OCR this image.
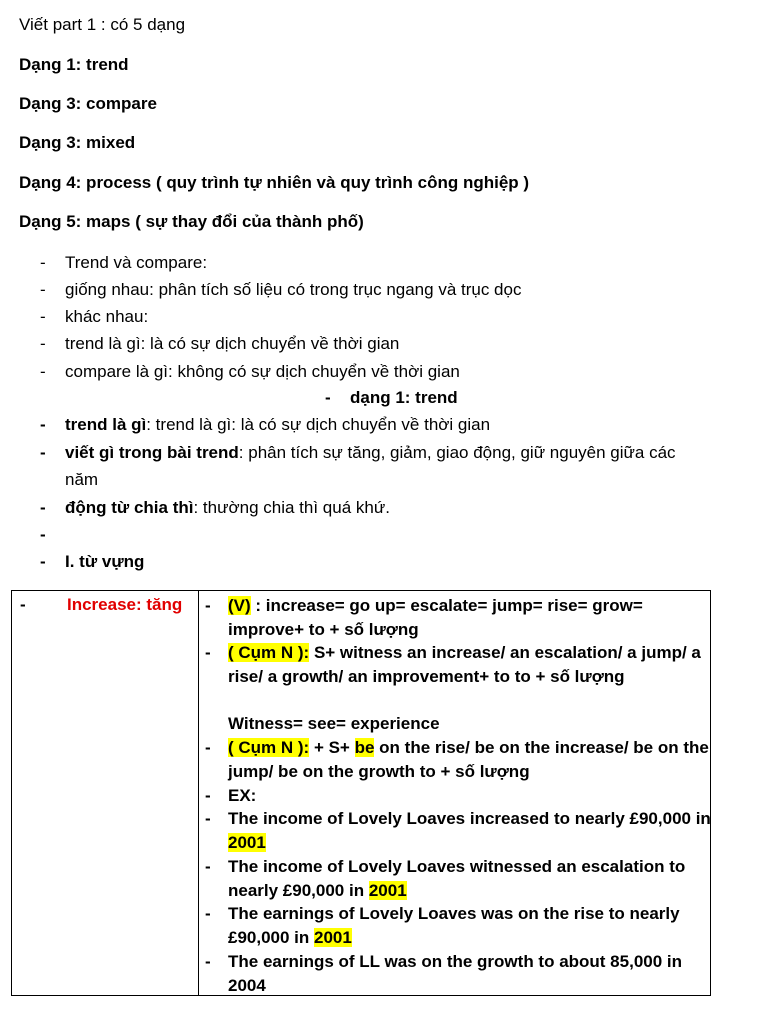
Viết part 1 : có 5 dạng
Dạng 1: trend
Dạng 3: compare
Dạng 3: mixed
Dạng 4: process ( quy trình tự nhiên và quy trình công nghiệp )
Dạng 5: maps ( sự thay đổi của thành phố)
-	Trend và compare:
-	giống nhau: phân tích số liệu có trong trục ngang và trục dọc
-	khác nhau:
-	trend là gì: là có sự dịch chuyển về thời gian
-	compare là gì: không có sự dịch chuyển về thời gian
- dạng 1: trend
-	trend là gì: trend là gì: là có sự dịch chuyển về thời gian
-	viết gì trong bài trend: phân tích sự tăng, giảm, giao động, giữ nguyên giữa các
năm
-	động từ chia thì: thường chia thì quá khứ.
-
-	I. từ vựng
- Increase: tăng	- (V) : increase= go up= escalate= jump= rise= grow= improve+ to + số lượng
- ( Cụm N ): S+ witness an increase/ an escalation/ a jump/ a rise/ a growth/ an improvement+ to to + số lượng
Witness= see= experience
- ( Cụm N ): + S+ be on the rise/ be on the increase/ be on the jump/ be on the growth to + số lượng
- EX:
- The income of Lovely Loaves increased to nearly £90,000 in 2001
- The income of Lovely Loaves witnessed an escalation to nearly £90,000 in 2001
- The earnings of Lovely Loaves was on the rise to nearly £90,000 in 2001
- The earnings of LL was on the growth to about 85,000 in 2004
